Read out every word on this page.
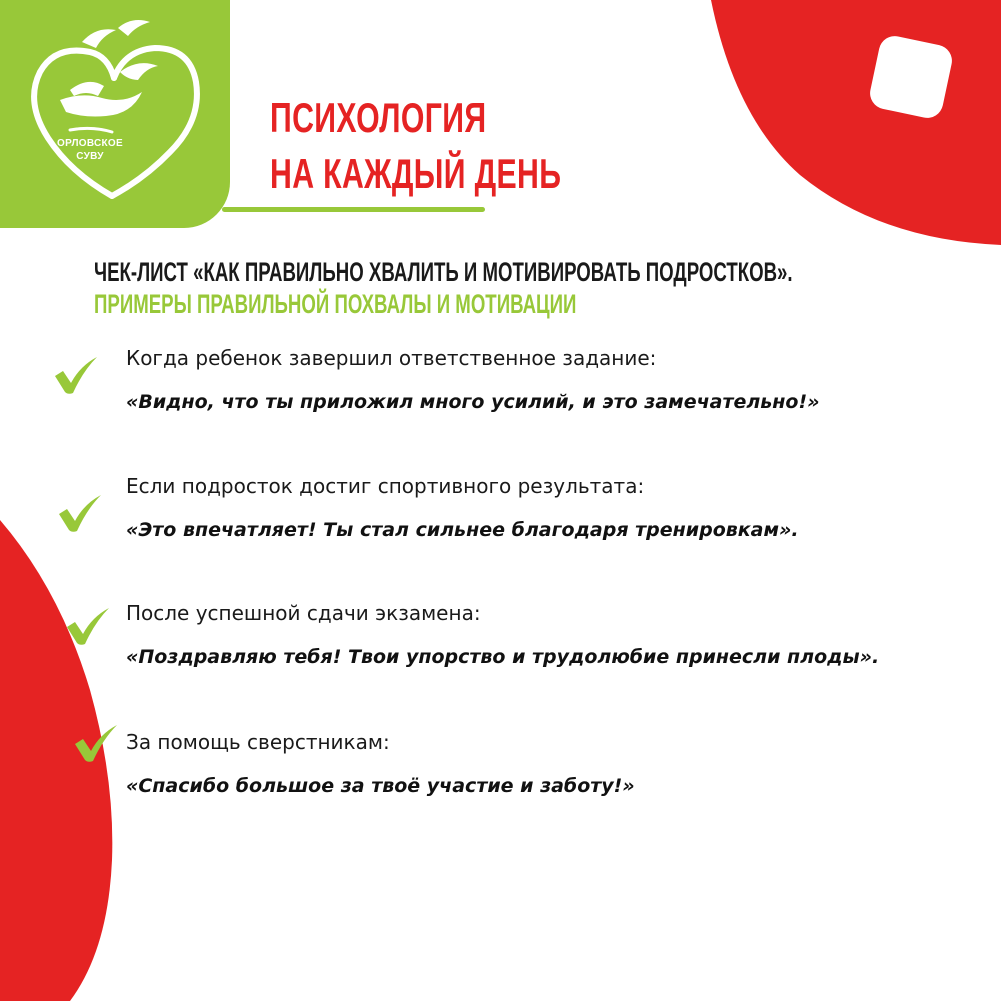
ОРЛОВСКОЕ
СУВУ
ПСИХОЛОГИЯ
НА КАЖДЫЙ ДЕНЬ
ЧЕК-ЛИСТ «КАК ПРАВИЛЬНО ХВАЛИТЬ И МОТИВИРОВАТЬ ПОДРОСТКОВ».
ПРИМЕРЫ ПРАВИЛЬНОЙ ПОХВАЛЫ И МОТИВАЦИИ
Когда ребенок завершил ответственное задание:
«Видно, что ты приложил много усилий, и это замечательно!»
Если подросток достиг спортивного результата:
«Это впечатляет! Ты стал сильнее благодаря тренировкам».
После успешной сдачи экзамена:
«Поздравляю тебя! Твои упорство и трудолюбие принесли плоды».
За помощь сверстникам:
«Спасибо большое за твоё участие и заботу!»
